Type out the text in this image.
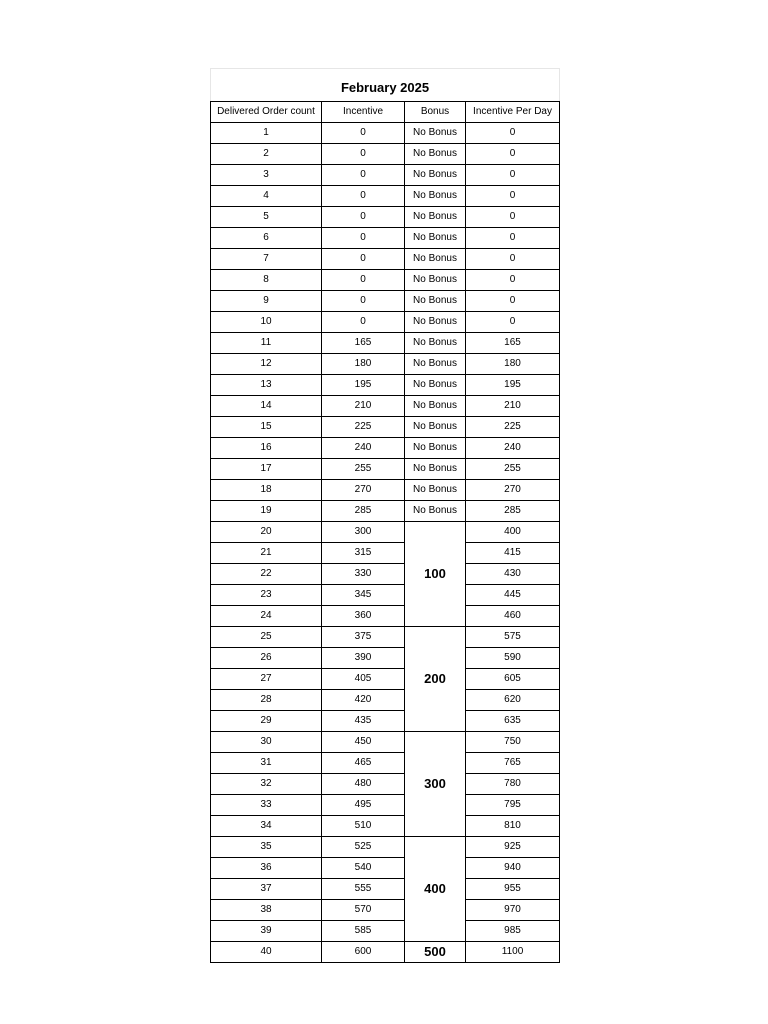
February 2025			
Delivered Order count	Incentive	Bonus	Incentive Per Day
1	0	No Bonus	0
2	0	No Bonus	0
3	0	No Bonus	0
4	0	No Bonus	0
5	0	No Bonus	0
6	0	No Bonus	0
7	0	No Bonus	0
8	0	No Bonus	0
9	0	No Bonus	0
10	0	No Bonus	0
11	165	No Bonus	165
12	180	No Bonus	180
13	195	No Bonus	195
14	210	No Bonus	210
15	225	No Bonus	225
16	240	No Bonus	240
17	255	No Bonus	255
18	270	No Bonus	270
19	285	No Bonus	285
20	300	100	400
21	315		415
22	330		430
23	345		445
24	360		460
25	375	200	575
26	390		590
27	405		605
28	420		620
29	435		635
30	450	300	750
31	465		765
32	480		780
33	495		795
34	510		810
35	525	400	925
36	540		940
37	555		955
38	570		970
39	585		985
40	600	500	1100
